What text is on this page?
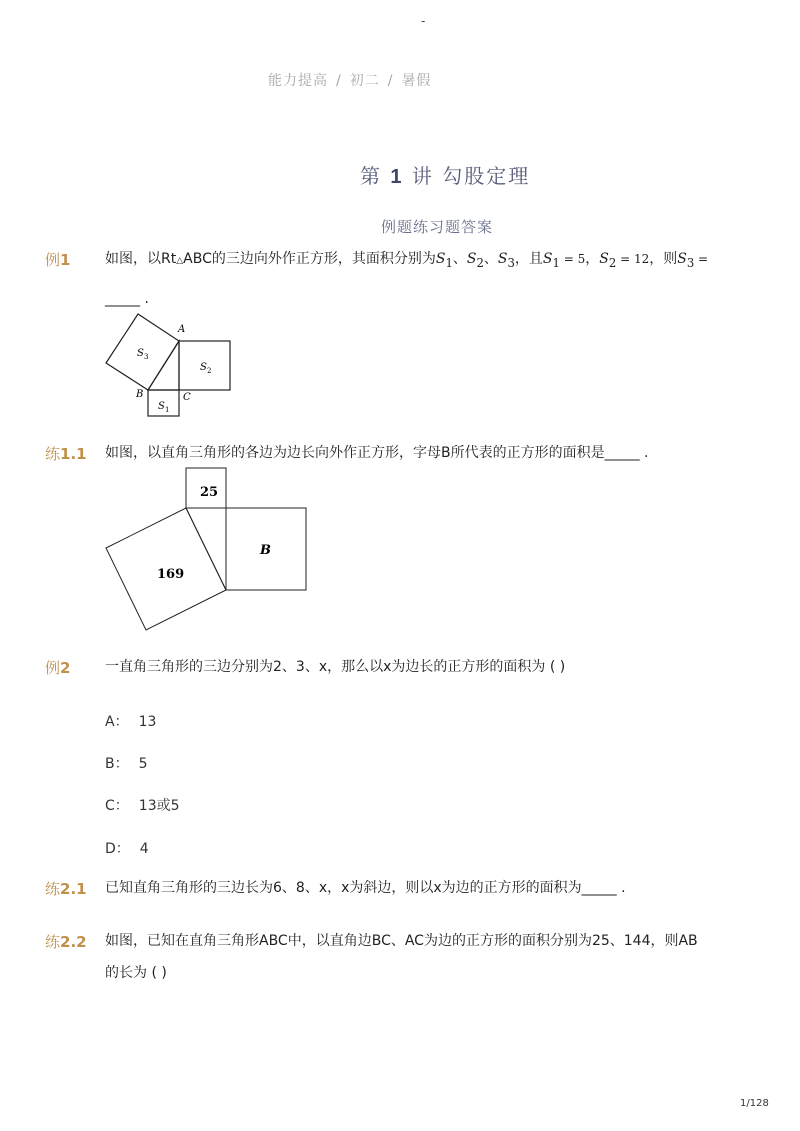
-
能力提高 / 初二 / 暑假
第 1 讲 勾股定理
例题练习题答案
例1 如图，以Rt△ABC的三边向外作正方形，其面积分别为$S_1$、$S_2$、$S_3$，且$S_1 = 5$，$S_2 = 12$，则$S_3$ =
_____ .
A
B	C
S 3
S 2
S 1
练1.1 如图，以直角三角形的各边为边长向外作正方形，字母B所代表的正方形的面积是_____ .
25
169
B
例2 一直角三角形的三边分别为2、3、x，那么以x为边长的正方形的面积为 ( )
A： 13
B： 5
C： 13或5
D： 4
练2.1 已知直角三角形的三边长为6、8、x，x为斜边，则以x为边的正方形的面积为_____ .
练2.2 如图，已知在直角三角形ABC中，以直角边BC、AC为边的正方形的面积分别为25、144，则AB
的长为 ( )
1/128
